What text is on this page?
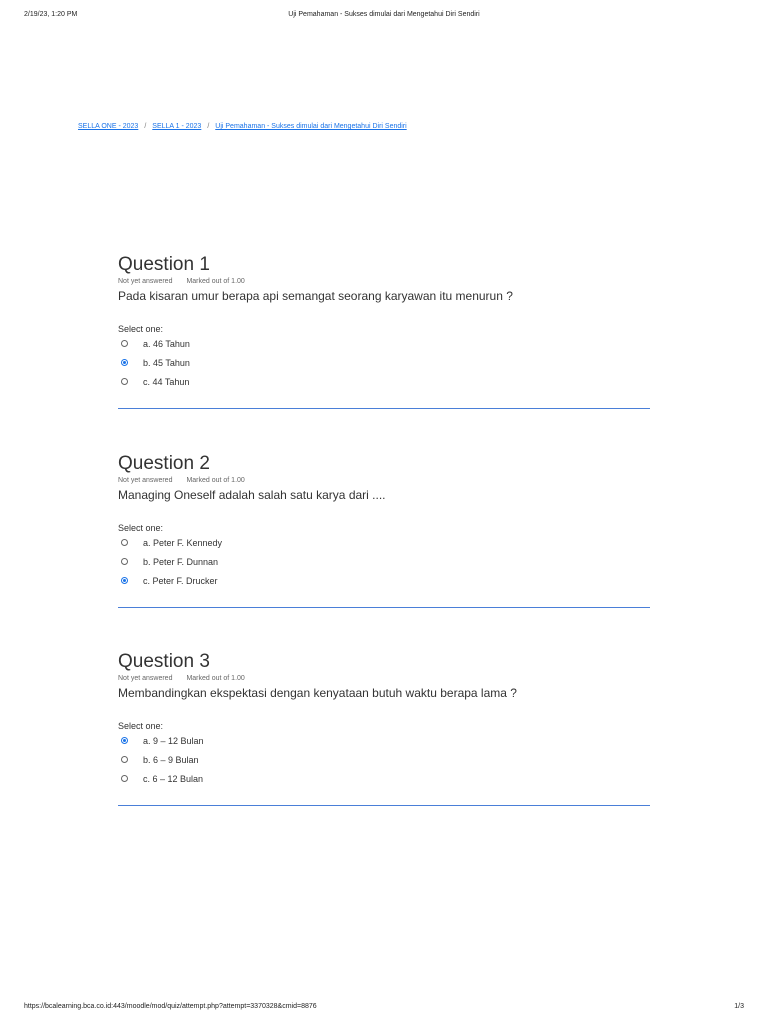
2/19/23, 1:20 PM	Uji Pemahaman - Sukses dimulai dari Mengetahui Diri Sendiri
SELLA ONE - 2023 / SELLA 1 - 2023 / Uji Pemahaman - Sukses dimulai dari Mengetahui Diri Sendiri
Question 1
Not yet answered Marked out of 1.00
Pada kisaran umur berapa api semangat seorang karyawan itu menurun ?
Select one:
a. 46 Tahun
b. 45 Tahun
c. 44 Tahun
Question 2
Not yet answered Marked out of 1.00
Managing Oneself adalah salah satu karya dari ....
Select one:
a. Peter F. Kennedy
b. Peter F. Dunnan
c. Peter F. Drucker
Question 3
Not yet answered Marked out of 1.00
Membandingkan ekspektasi dengan kenyataan butuh waktu berapa lama ?
Select one:
a. 9 – 12 Bulan
b. 6 – 9 Bulan
c. 6 – 12 Bulan
https://bcalearning.bca.co.id:443/moodle/mod/quiz/attempt.php?attempt=3370328&cmid=8876	1/3
